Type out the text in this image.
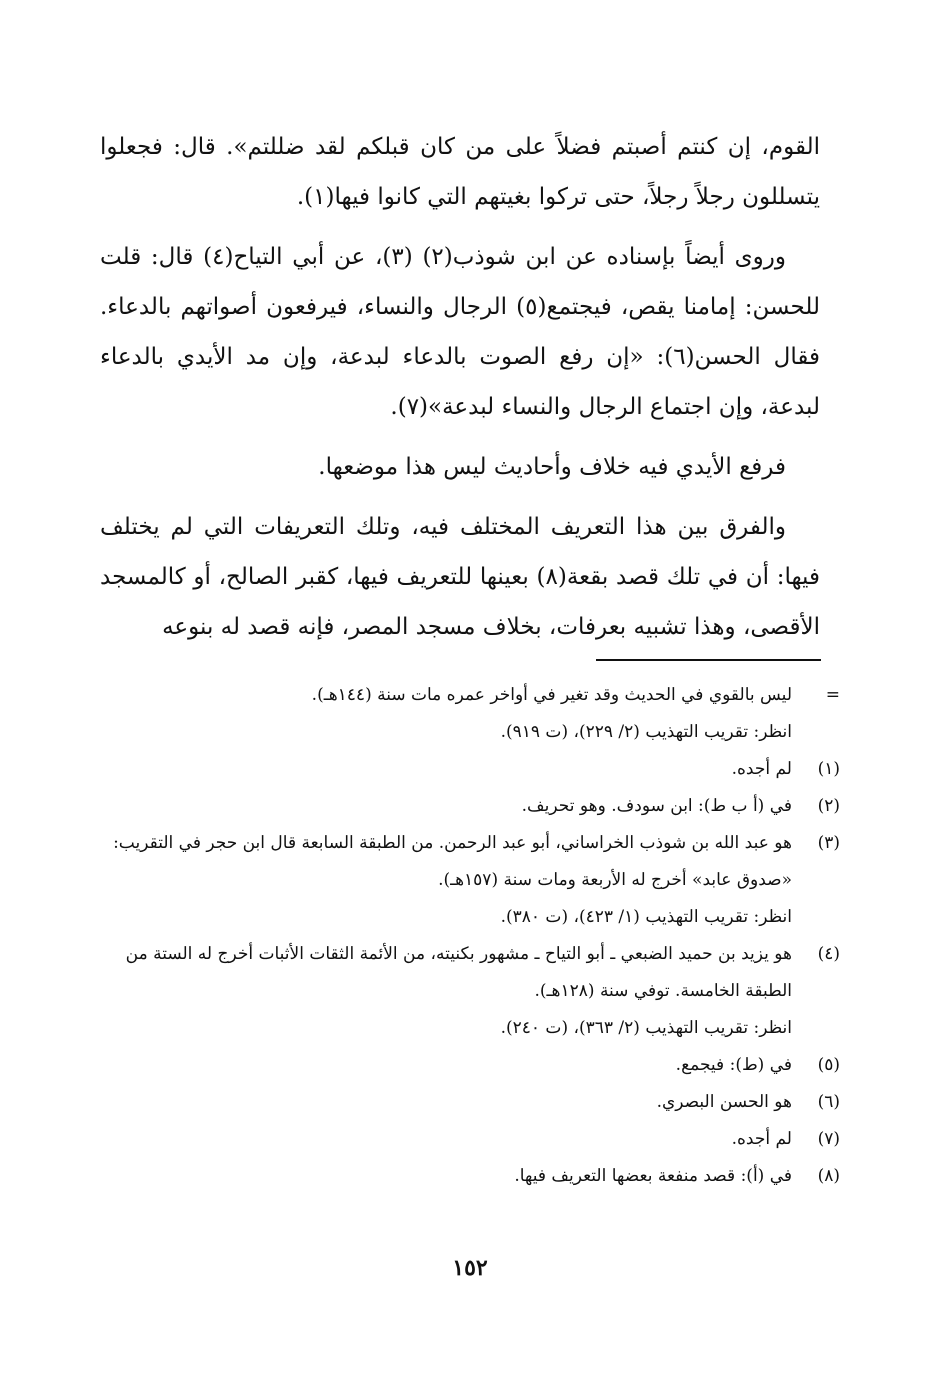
القوم، إن كنتم أصبتم فضلاً على من كان قبلكم لقد ضللتم». قال: فجعلوا يتسللون رجلاً رجلاً، حتى تركوا بغيتهم التي كانوا فيها(١).

وروى أيضاً بإسناده عن ابن شوذب(٢) (٣)، عن أبي التياح(٤) قال: قلت للحسن: إمامنا يقص، فيجتمع(٥) الرجال والنساء، فيرفعون أصواتهم بالدعاء. فقال الحسن(٦): «إن رفع الصوت بالدعاء لبدعة، وإن مد الأيدي بالدعاء لبدعة، وإن اجتماع الرجال والنساء لبدعة»(٧).

فرفع الأيدي فيه خلاف وأحاديث ليس هذا موضعها.

والفرق بين هذا التعريف المختلف فيه، وتلك التعريفات التي لم يختلف فيها: أن في تلك قصد بقعة(٨) بعينها للتعريف فيها، كقبر الصالح، أو كالمسجد الأقصى، وهذا تشبيه بعرفات، بخلاف مسجد المصر، فإنه قصد له بنوعه

=

ليس بالقوي في الحديث وقد تغير في أواخر عمره مات سنة (١٤٤هـ).

انظر: تقريب التهذيب (٢/ ٢٢٩)، (ت ٩١٩).

(١)

لم أجده.

(٢)

في (أ ب ط): ابن سودف. وهو تحريف.

(٣)

هو عبد الله بن شوذب الخراساني، أبو عبد الرحمن. من الطبقة السابعة قال ابن حجر في التقريب: «صدوق عابد» أخرج له الأربعة ومات سنة (١٥٧هـ).

انظر: تقريب التهذيب (١/ ٤٢٣)، (ت ٣٨٠).

(٤)

هو يزيد بن حميد الضبعي ـ أبو التياح ـ مشهور بكنيته، من الأئمة الثقات الأثبات أخرج له الستة من الطبقة الخامسة. توفي سنة (١٢٨هـ).

انظر: تقريب التهذيب (٢/ ٣٦٣)، (ت ٢٤٠).

(٥)

في (ط): فيجمع.

(٦)

هو الحسن البصري.

(٧)

لم أجده.

(٨)

في (أ): قصد منفعة بعضها التعريف فيها.

١٥٢
